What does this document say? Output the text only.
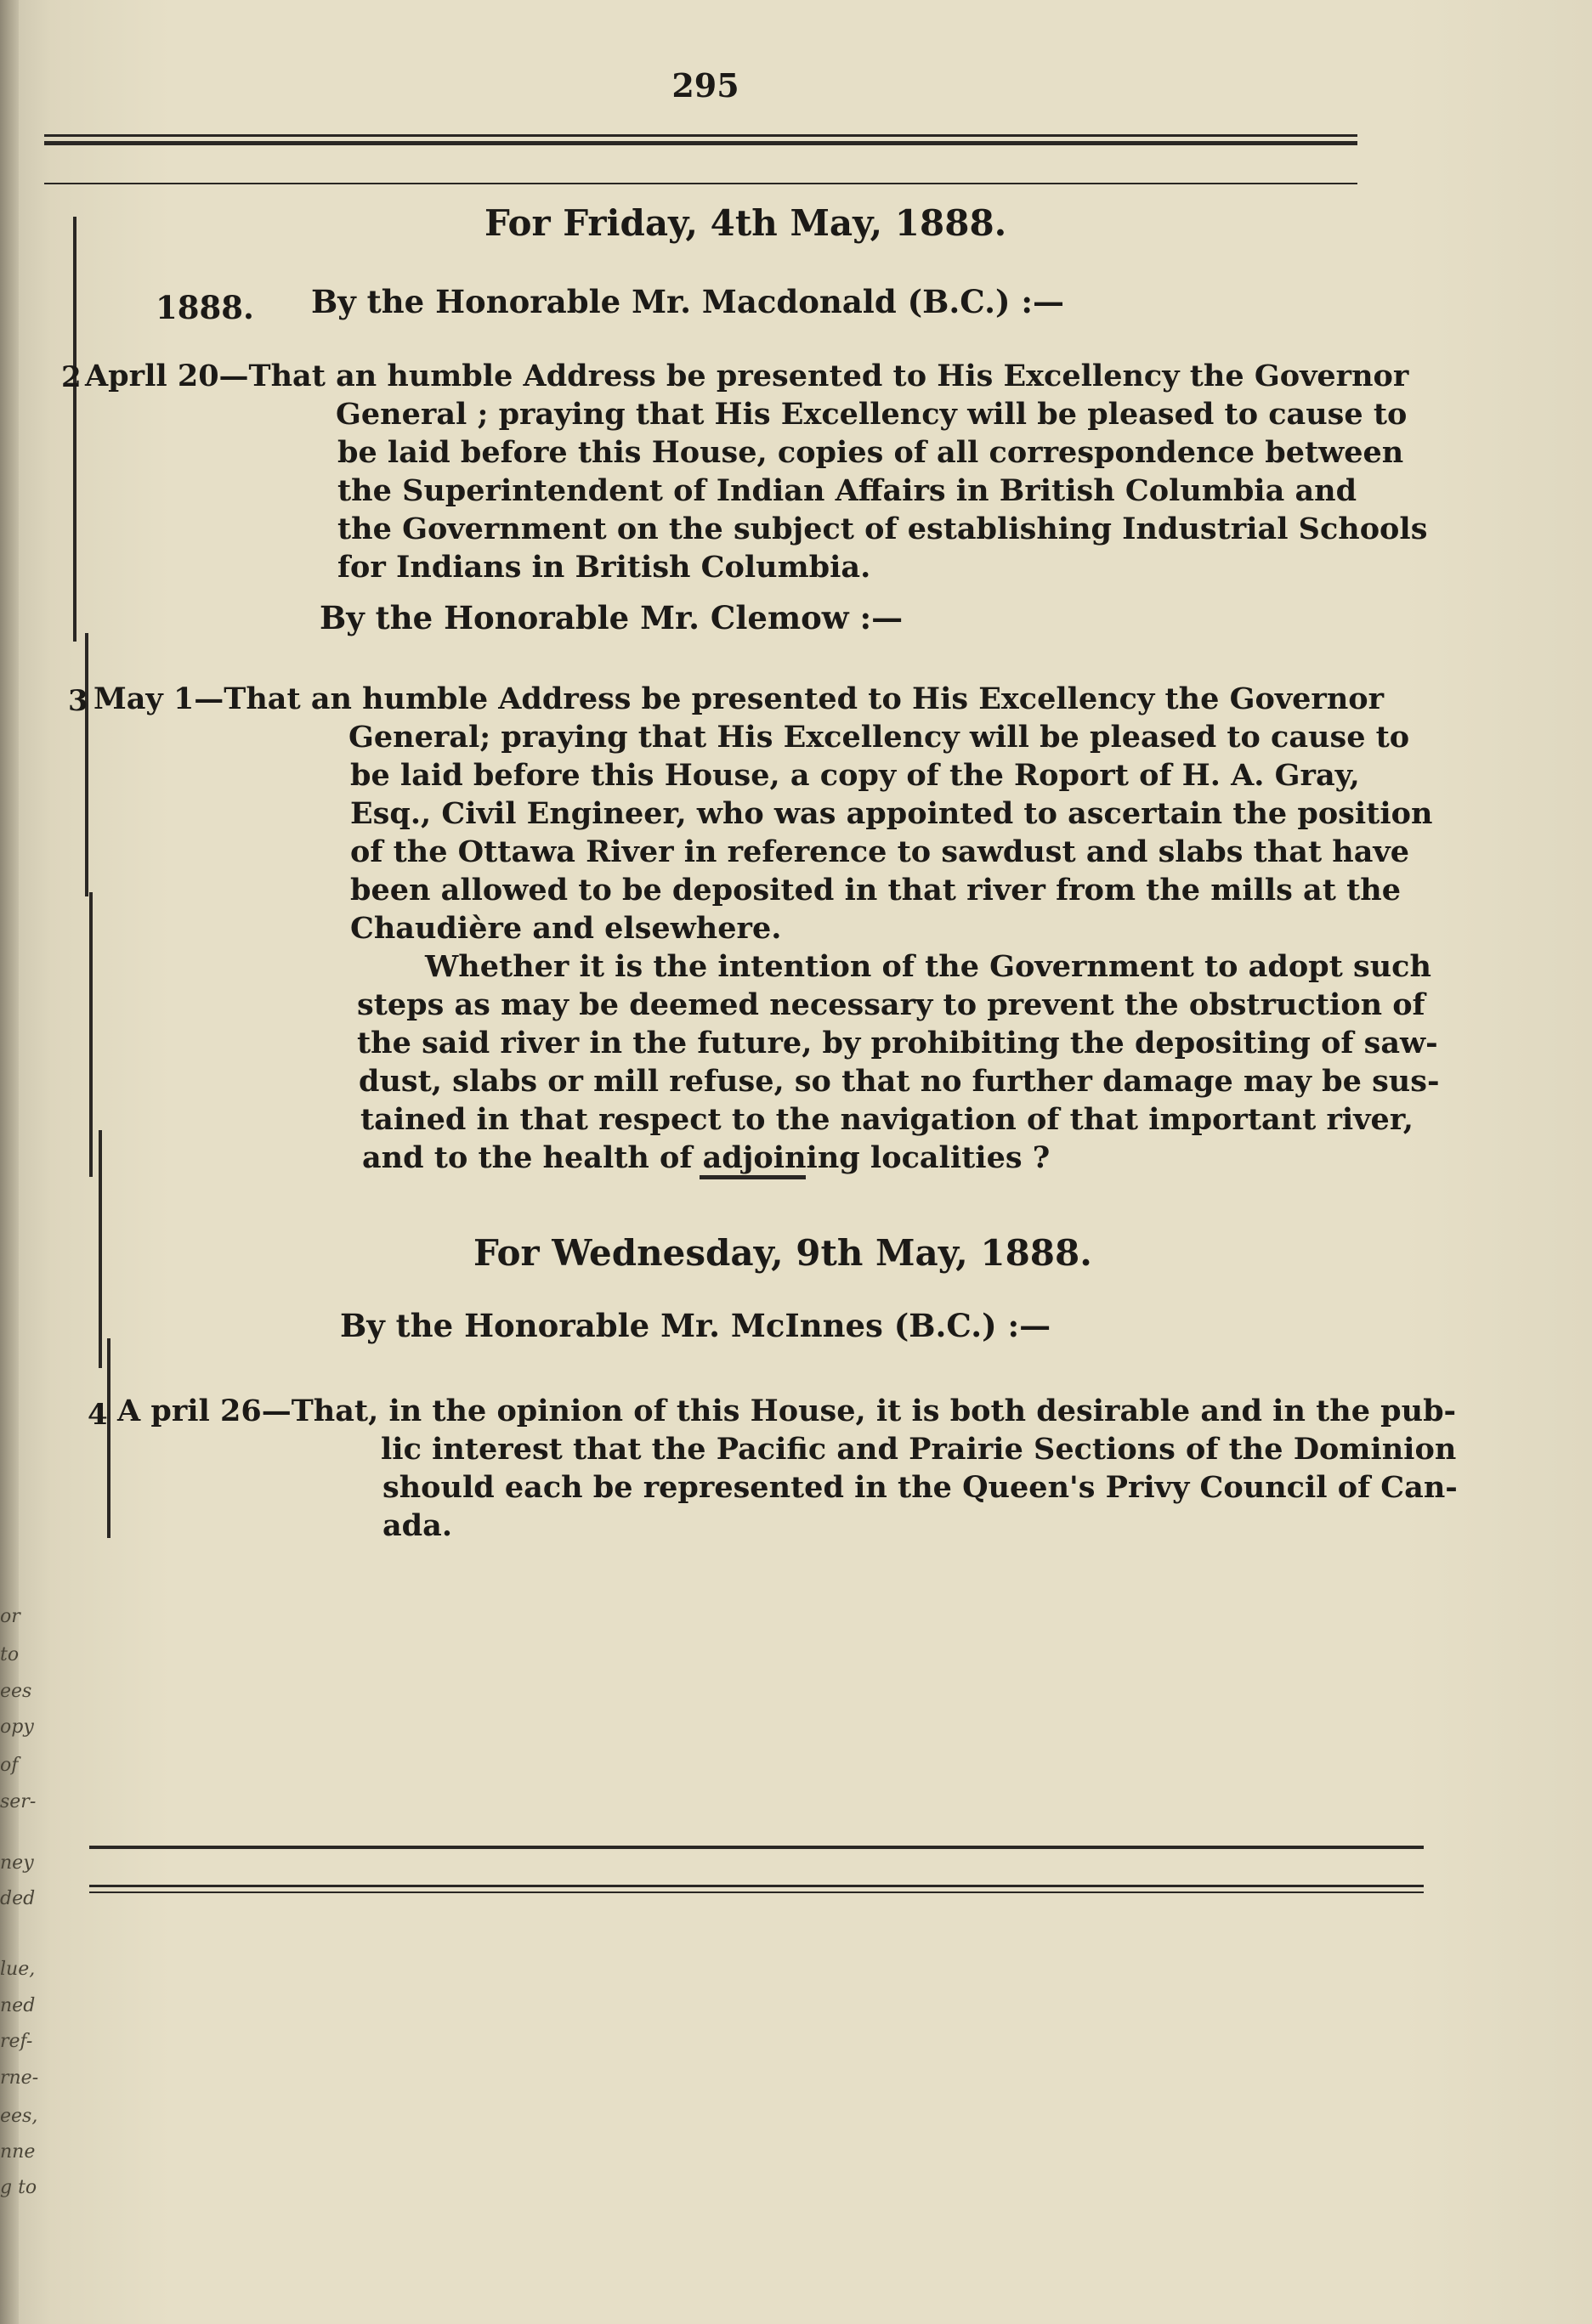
295
For Friday, 4th May, 1888.
1888. By the Honorable Mr. Macdonald (B.C.) :—
2 Aprll 20—That an humble Address be presented to His Excellency the Governor
General ; praying that His Excellency will be pleased to cause to
be laid before this House, copies of all correspondence between
the Superintendent of Indian Affairs in British Columbia and
the Government on the subject of establishing Industrial Schools
for Indians in British Columbia.
By the Honorable Mr. Clemow :—
3 May 1—That an humble Address be presented to His Excellency the Governor
General; praying that His Excellency will be pleased to cause to
be laid before this House, a copy of the Roport of H. A. Gray,
Esq., Civil Engineer, who was appointed to ascertain the position
of the Ottawa River in reference to sawdust and slabs that have
been allowed to be deposited in that river from the mills at the
Chaudière and elsewhere.
Whether it is the intention of the Government to adopt such
steps as may be deemed necessary to prevent the obstruction of
the said river in the future, by prohibiting the depositing of saw-
dust, slabs or mill refuse, so that no further damage may be sus-
tained in that respect to the navigation of that important river,
and to the health of adjoining localities ?
For Wednesday, 9th May, 1888.
By the Honorable Mr. McInnes (B.C.) :—
4 A pril 26—That, in the opinion of this House, it is both desirable and in the pub-
lic interest that the Pacific and Prairie Sections of the Dominion
should each be represented in the Queen's Privy Council of Can-
ada.
or
to
ees
opy
of
ser-
ney
ded
lue,
ned
ref-
rne-
ees,
nne
g to
